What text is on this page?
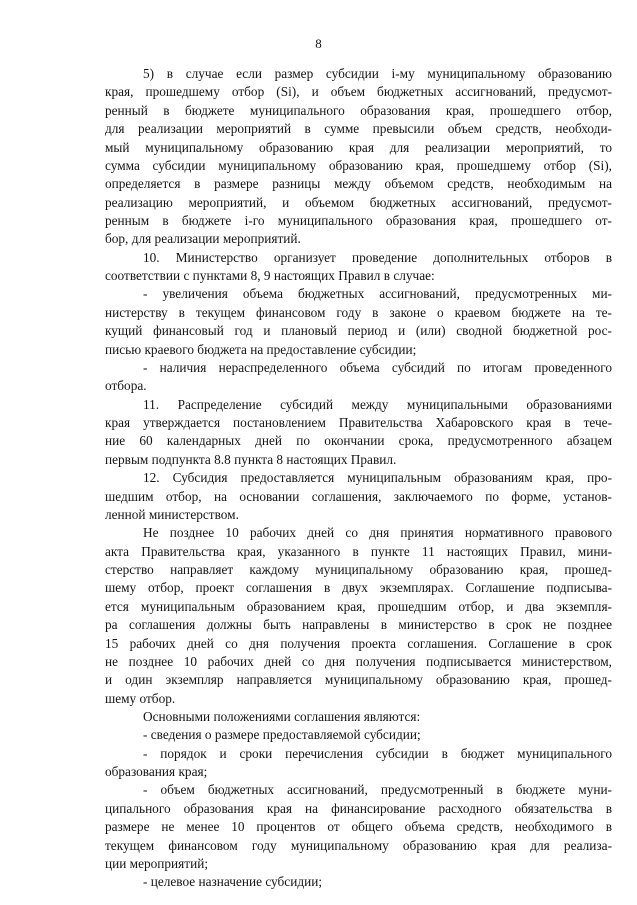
8
5) в случае если размер субсидии i-му муниципальному образованию
края, прошедшему отбор (Si), и объем бюджетных ассигнований, предусмот-
ренный в бюджете муниципального образования края, прошедшего отбор,
для реализации мероприятий в сумме превысили объем средств, необходи-
мый муниципальному образованию края для реализации мероприятий, то
сумма субсидии муниципальному образованию края, прошедшему отбор (Si),
определяется в размере разницы между объемом средств, необходимым на
реализацию мероприятий, и объемом бюджетных ассигнований, предусмот-
ренным в бюджете i-го муниципального образования края, прошедшего от-
бор, для реализации мероприятий.
10. Министерство организует проведение дополнительных отборов в
соответствии с пунктами 8, 9 настоящих Правил в случае:
- увеличения объема бюджетных ассигнований, предусмотренных ми-
нистерству в текущем финансовом году в законе о краевом бюджете на те-
кущий финансовый год и плановый период и (или) сводной бюджетной рос-
писью краевого бюджета на предоставление субсидии;
- наличия нераспределенного объема субсидий по итогам проведенного
отбора.
11. Распределение субсидий между муниципальными образованиями
края утверждается постановлением Правительства Хабаровского края в тече-
ние 60 календарных дней по окончании срока, предусмотренного абзацем
первым подпункта 8.8 пункта 8 настоящих Правил.
12. Субсидия предоставляется муниципальным образованиям края, про-
шедшим отбор, на основании соглашения, заключаемого по форме, установ-
ленной министерством.
Не позднее 10 рабочих дней со дня принятия нормативного правового
акта Правительства края, указанного в пункте 11 настоящих Правил, мини-
стерство направляет каждому муниципальному образованию края, прошед-
шему отбор, проект соглашения в двух экземплярах. Соглашение подписыва-
ется муниципальным образованием края, прошедшим отбор, и два экземпля-
ра соглашения должны быть направлены в министерство в срок не позднее
15 рабочих дней со дня получения проекта соглашения. Соглашение в срок
не позднее 10 рабочих дней со дня получения подписывается министерством,
и один экземпляр направляется муниципальному образованию края, прошед-
шему отбор.
Основными положениями соглашения являются:
- сведения о размере предоставляемой субсидии;
- порядок и сроки перечисления субсидии в бюджет муниципального
образования края;
- объем бюджетных ассигнований, предусмотренный в бюджете муни-
ципального образования края на финансирование расходного обязательства в
размере не менее 10 процентов от общего объема средств, необходимого в
текущем финансовом году муниципальному образованию края для реализа-
ции мероприятий;
- целевое назначение субсидии;
